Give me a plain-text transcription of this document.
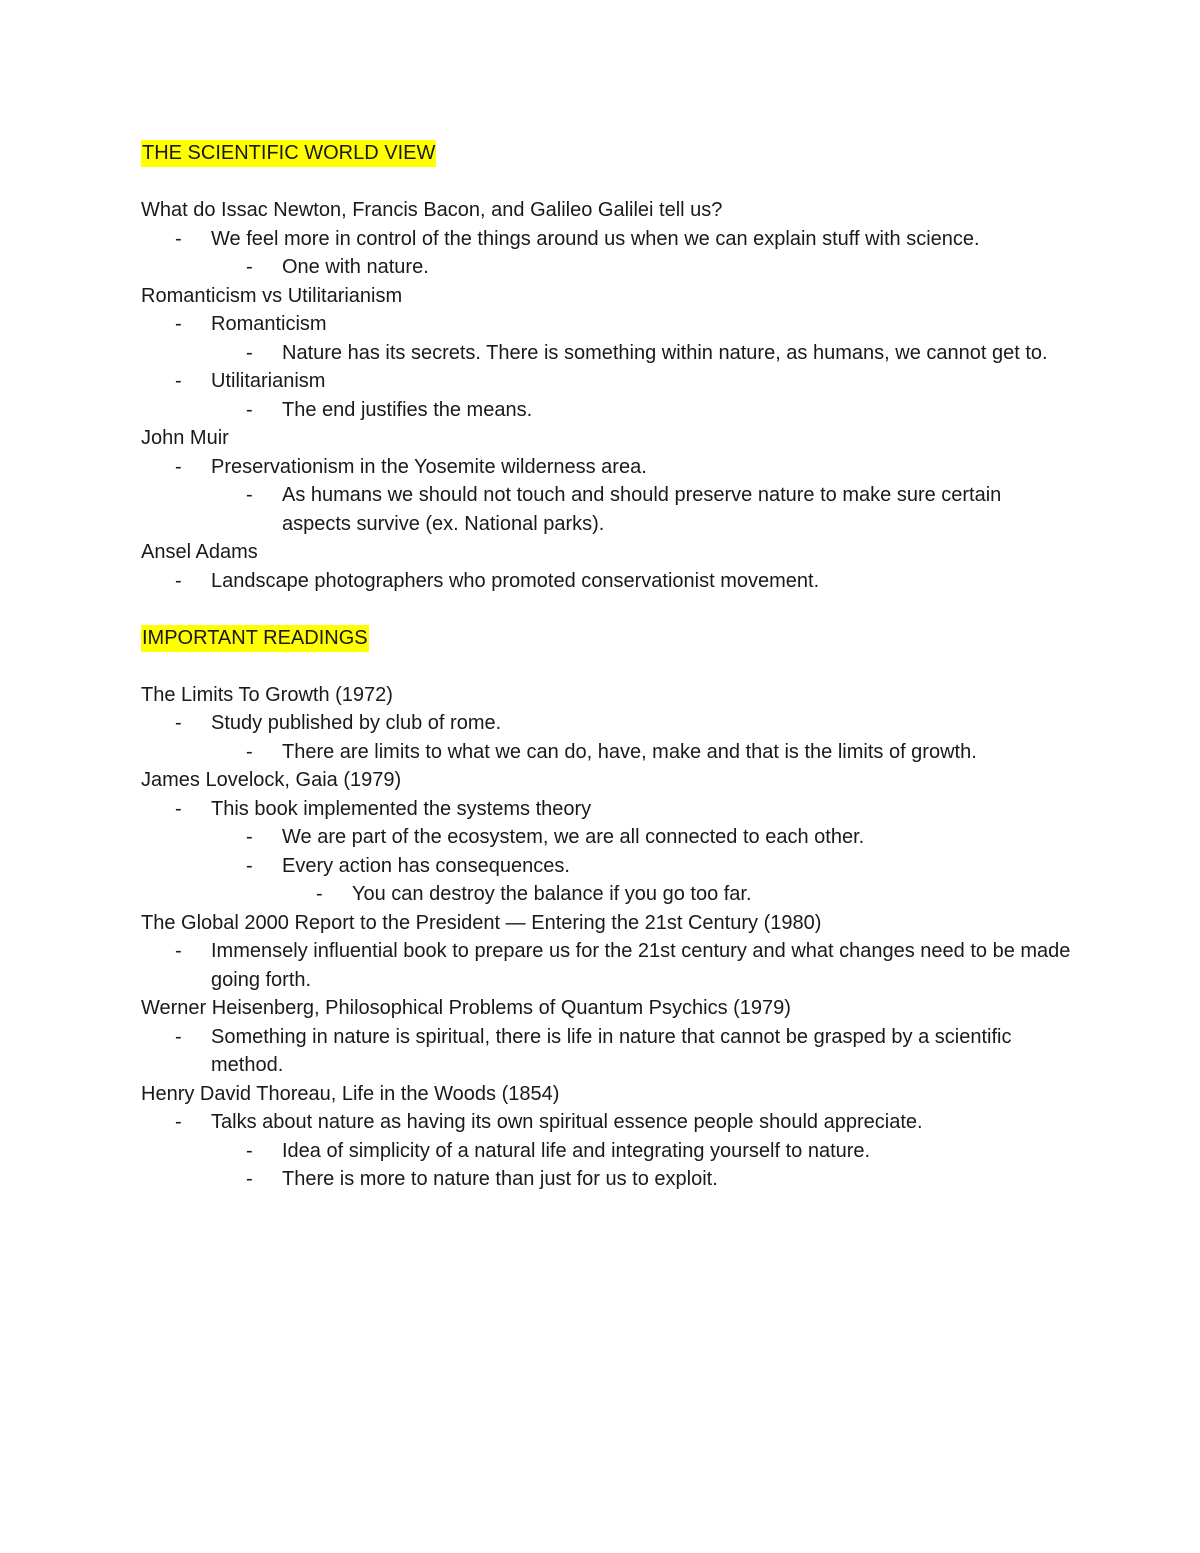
THE SCIENTIFIC WORLD VIEW
What do Issac Newton, Francis Bacon, and Galileo Galilei tell us?
-	We feel more in control of the things around us when we can explain stuff with science.
-	One with nature.
Romanticism vs Utilitarianism
-	Romanticism
-	Nature has its secrets. There is something within nature, as humans, we cannot get to.
-	Utilitarianism
-	The end justifies the means.
John Muir
-	Preservationism in the Yosemite wilderness area.
-	As humans we should not touch and should preserve nature to make sure certain aspects survive (ex. National parks).
Ansel Adams
-	Landscape photographers who promoted conservationist movement.
IMPORTANT READINGS
The Limits To Growth (1972)
-	Study published by club of rome.
-	There are limits to what we can do, have, make and that is the limits of growth.
James Lovelock, Gaia (1979)
-	This book implemented the systems theory
-	We are part of the ecosystem, we are all connected to each other.
-	Every action has consequences.
-	You can destroy the balance if you go too far.
The Global 2000 Report to the President — Entering the 21st Century (1980)
-	Immensely influential book to prepare us for the 21st century and what changes need to be made going forth.
Werner Heisenberg, Philosophical Problems of Quantum Psychics (1979)
-	Something in nature is spiritual, there is life in nature that cannot be grasped by a scientific method.
Henry David Thoreau, Life in the Woods (1854)
-	Talks about nature as having its own spiritual essence people should appreciate.
-	Idea of simplicity of a natural life and integrating yourself to nature.
-	There is more to nature than just for us to exploit.
